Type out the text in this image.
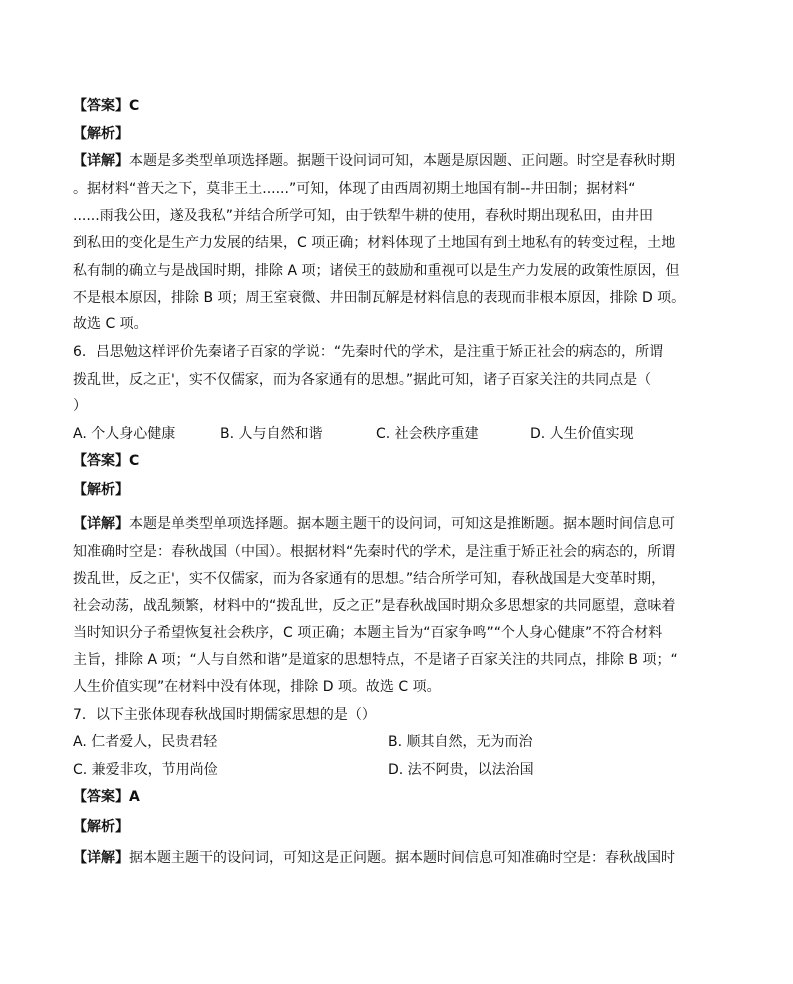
【答案】C
【解析】
【详解】本题是多类型单项选择题。据题干设问词可知，本题是原因题、正问题。时空是春秋时期
。据材料“普天之下，莫非王土......”可知，体现了由西周初期土地国有制--井田制；据材料“
......雨我公田，遂及我私”并结合所学可知，由于铁犁牛耕的使用，春秋时期出现私田，由井田
到私田的变化是生产力发展的结果，C 项正确；材料体现了土地国有到土地私有的转变过程，土地
私有制的确立与是战国时期，排除 A 项；诸侯王的鼓励和重视可以是生产力发展的政策性原因，但
不是根本原因，排除 B 项；周王室衰微、井田制瓦解是材料信息的表现而非根本原因，排除 D 项。
故选 C 项。
6．吕思勉这样评价先秦诸子百家的学说：“先秦时代的学术，是注重于矫正社会的病态的，所谓
拨乱世，反之正'，实不仅儒家，而为各家通有的思想。”据此可知，诸子百家关注的共同点是（
）
A. 个人身心健康	B. 人与自然和谐	C. 社会秩序重建	D. 人生价值实现
【答案】C
【解析】
【详解】本题是单类型单项选择题。据本题主题干的设问词，可知这是推断题。据本题时间信息可
知准确时空是：春秋战国（中国）。根据材料“先秦时代的学术，是注重于矫正社会的病态的，所谓
拨乱世，反之正'，实不仅儒家，而为各家通有的思想。”结合所学可知，春秋战国是大变革时期，
社会动荡，战乱频繁，材料中的“拨乱世，反之正”是春秋战国时期众多思想家的共同愿望，意味着
当时知识分子希望恢复社会秩序，C 项正确；本题主旨为“百家争鸣”“个人身心健康”不符合材料
主旨，排除 A 项；“人与自然和谐”是道家的思想特点，不是诸子百家关注的共同点，排除 B 项；“
人生价值实现”在材料中没有体现，排除 D 项。故选 C 项。
7．以下主张体现春秋战国时期儒家思想的是（）
A. 仁者爱人，民贵君轻	B. 顺其自然，无为而治
C. 兼爱非攻，节用尚俭	D. 法不阿贵，以法治国
【答案】A
【解析】
【详解】据本题主题干的设问词，可知这是正问题。据本题时间信息可知准确时空是：春秋战国时
